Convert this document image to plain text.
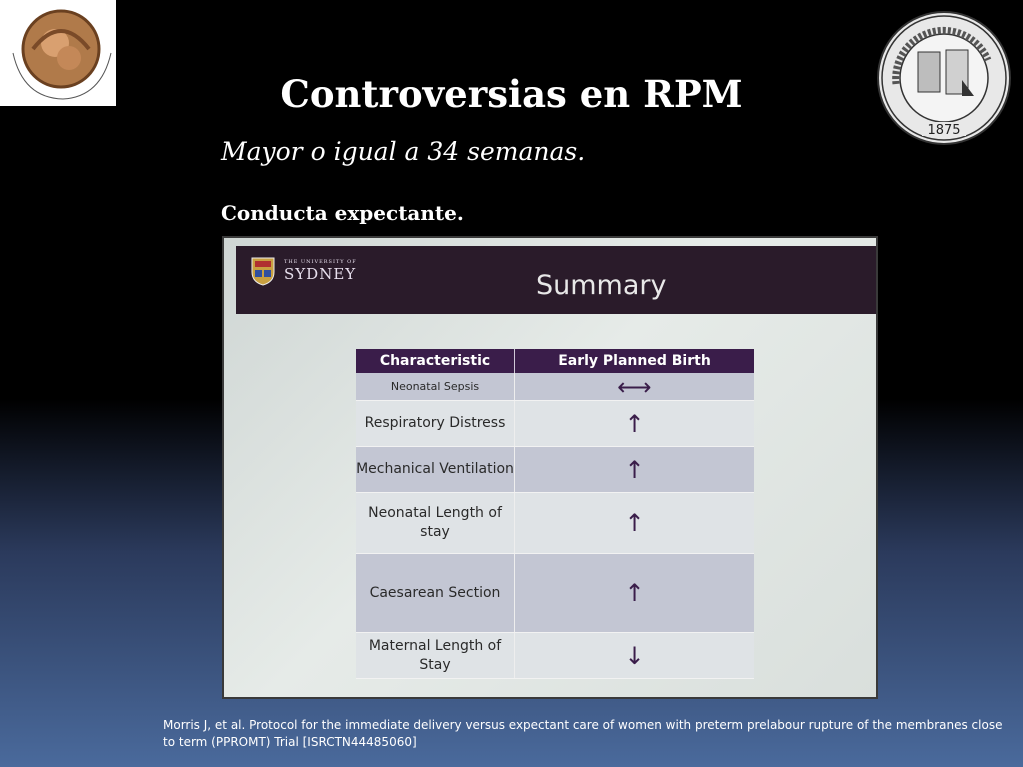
1875
Controversias en RPM
Mayor o igual a 34 semanas.
Conducta expectante.
THE UNIVERSITY OF
SYDNEY	Summary
Characteristic	Early Planned Birth
Neonatal Sepsis	⟷
Respiratory Distress	↑
Mechanical Ventilation	↑
Neonatal Length of stay	↑
Caesarean Section	↑
Maternal Length of Stay	↓
Morris J, et al. Protocol for the immediate delivery versus expectant care of women with preterm prelabour rupture of the membranes close to term (PPROMT) Trial [ISRCTN44485060]
